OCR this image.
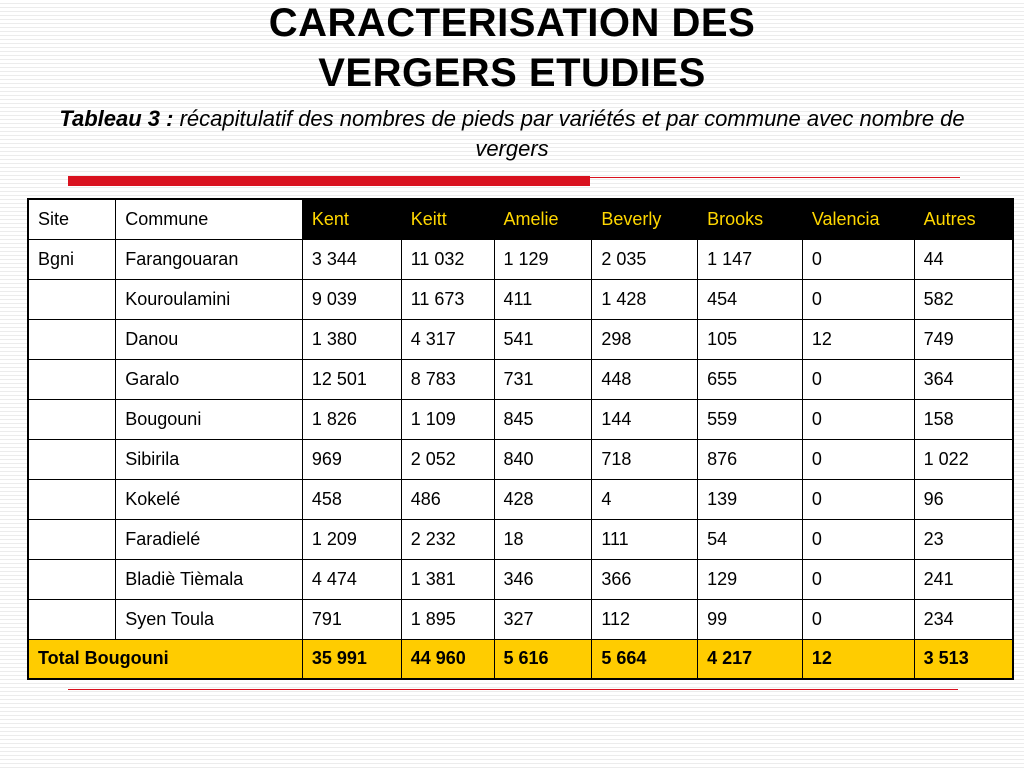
CARACTERISATION DES
VERGERS ETUDIES
Tableau 3 : récapitulatif des nombres de pieds par variétés et par commune avec nombre de vergers
Site	Commune	Kent	Keitt	Amelie	Beverly	Brooks	Valencia	Autres
Bgni	Farangouaran	3 344	11 032	1 129	2 035	1 147	0	44
	Kouroulamini	9 039	11 673	411	1 428	454	0	582
	Danou	1 380	4 317	541	298	105	12	749
	Garalo	12 501	8 783	731	448	655	0	364
	Bougouni	1 826	1 109	845	144	559	0	158
	Sibirila	969	2 052	840	718	876	0	1 022
	Kokelé	458	486	428	4	139	0	96
	Faradielé	1 209	2 232	18	111	54	0	23
	Bladiè Tièmala	4 474	1 381	346	366	129	0	241
	Syen Toula	791	1 895	327	112	99	0	234
Total Bougouni		35 991	44 960	5 616	5 664	4 217	12	3 513
